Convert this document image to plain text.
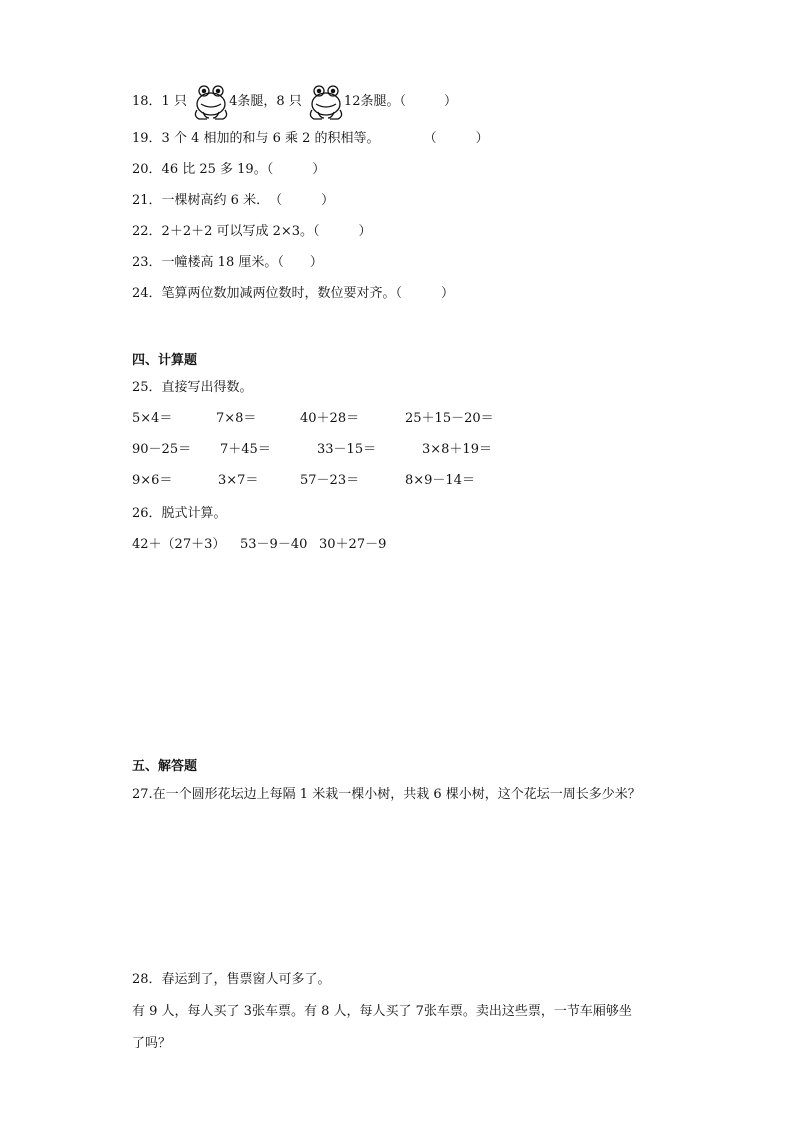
18．1 只	4条腿，8 只	12条腿。（	）
19．3 个 4 相加的和与 6 乘 2 的积相等。	（　　　）
20．46 比 25 多 19。（　　　）
21．一棵树高约 6 米．　（　　　）
22．2＋2＋2 可以写成 2×3。（　　　）
23．一幢楼高 18 厘米。（　　）
24．笔算两位数加减两位数时，数位要对齐。（　　　）
四、计算题
25．直接写出得数。
5×4＝	7×8＝	40＋28＝	25＋15－20＝
90－25＝ 7＋45＝	33－15＝	3×8＋19＝
9×6＝	3×7＝	57－23＝	8×9－14＝
26．脱式计算。
42＋（27＋3） 53－9－40 30＋27－9
五、解答题
27.在一个圆形花坛边上每隔 1 米栽一棵小树，共栽 6 棵小树，这个花坛一周长多少米？
28．春运到了，售票窗人可多了。
有 9 人，每人买了 3张车票。有 8 人，每人买了 7张车票。卖出这些票，一节车厢够坐
了吗？
